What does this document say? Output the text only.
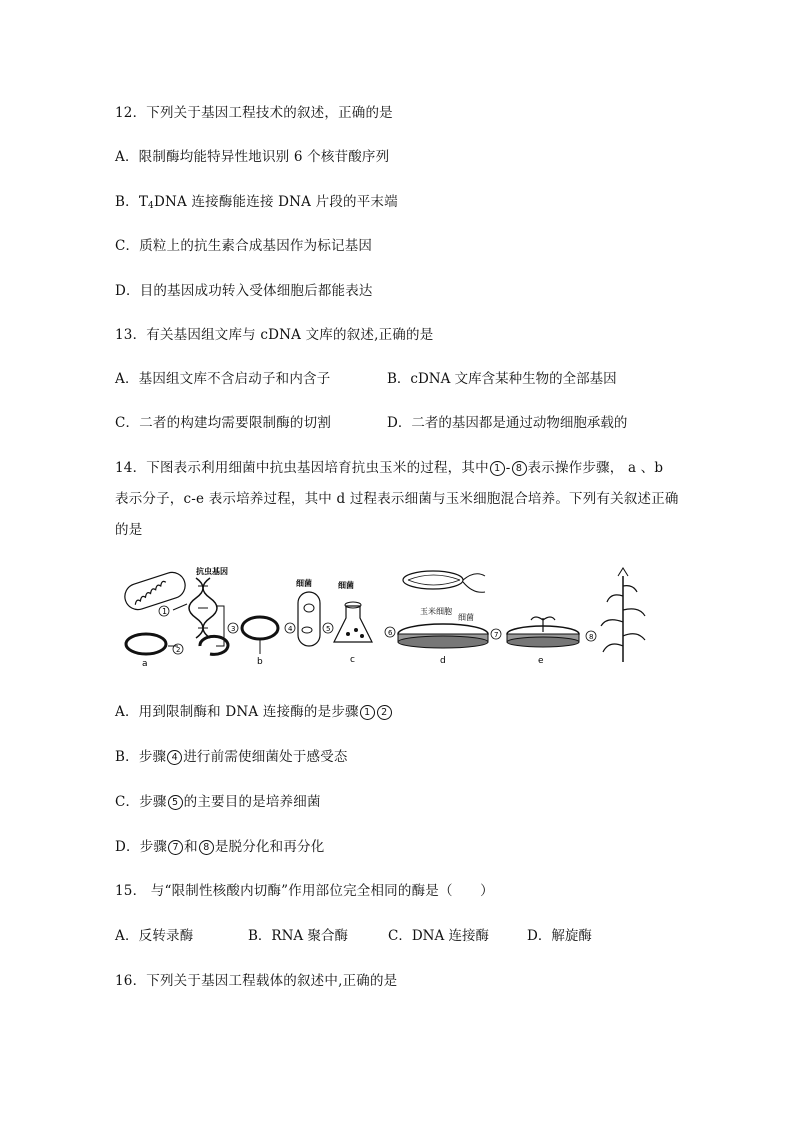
12．下列关于基因工程技术的叙述，正确的是
A．限制酶均能特异性地识别 6 个核苷酸序列
B．$T_4DNA$ 连接酶能连接 DNA 片段的平末端
C．质粒上的抗生素合成基因作为标记基因
D．目的基因成功转入受体细胞后都能表达
13．有关基因组文库与 cDNA 文库的叙述,正确的是
A．基因组文库不含启动子和内含子	B．cDNA 文库含某种生物的全部基因
C．二者的构建均需要限制酶的切割	D．二者的基因都是通过动物细胞承载的
14．下图表示利用细菌中抗虫基因培育抗虫玉米的过程，其中 1 - 8 表示操作步骤， a 、b
表示分子，c-e 表示培养过程，其中 d 过程表示细菌与玉米细胞混合培养。下列有关叙述正确
的是
1
a
2
抗虫基因
3
b
4
细菌
5
细菌
c
6
玉米细胞
细菌
d
7
e
8
A．用到限制酶和 DNA 连接酶的是步骤 1 2
B．步骤 4 进行前需使细菌处于感受态
C．步骤 5 的主要目的是培养细菌
D．步骤 7 和 8 是脱分化和再分化
15． 与“限制性核酸内切酶”作用部位完全相同的酶是（　　）
A．反转录酶	B．RNA 聚合酶	C．DNA 连接酶	D．解旋酶
16．下列关于基因工程载体的叙述中,正确的是
